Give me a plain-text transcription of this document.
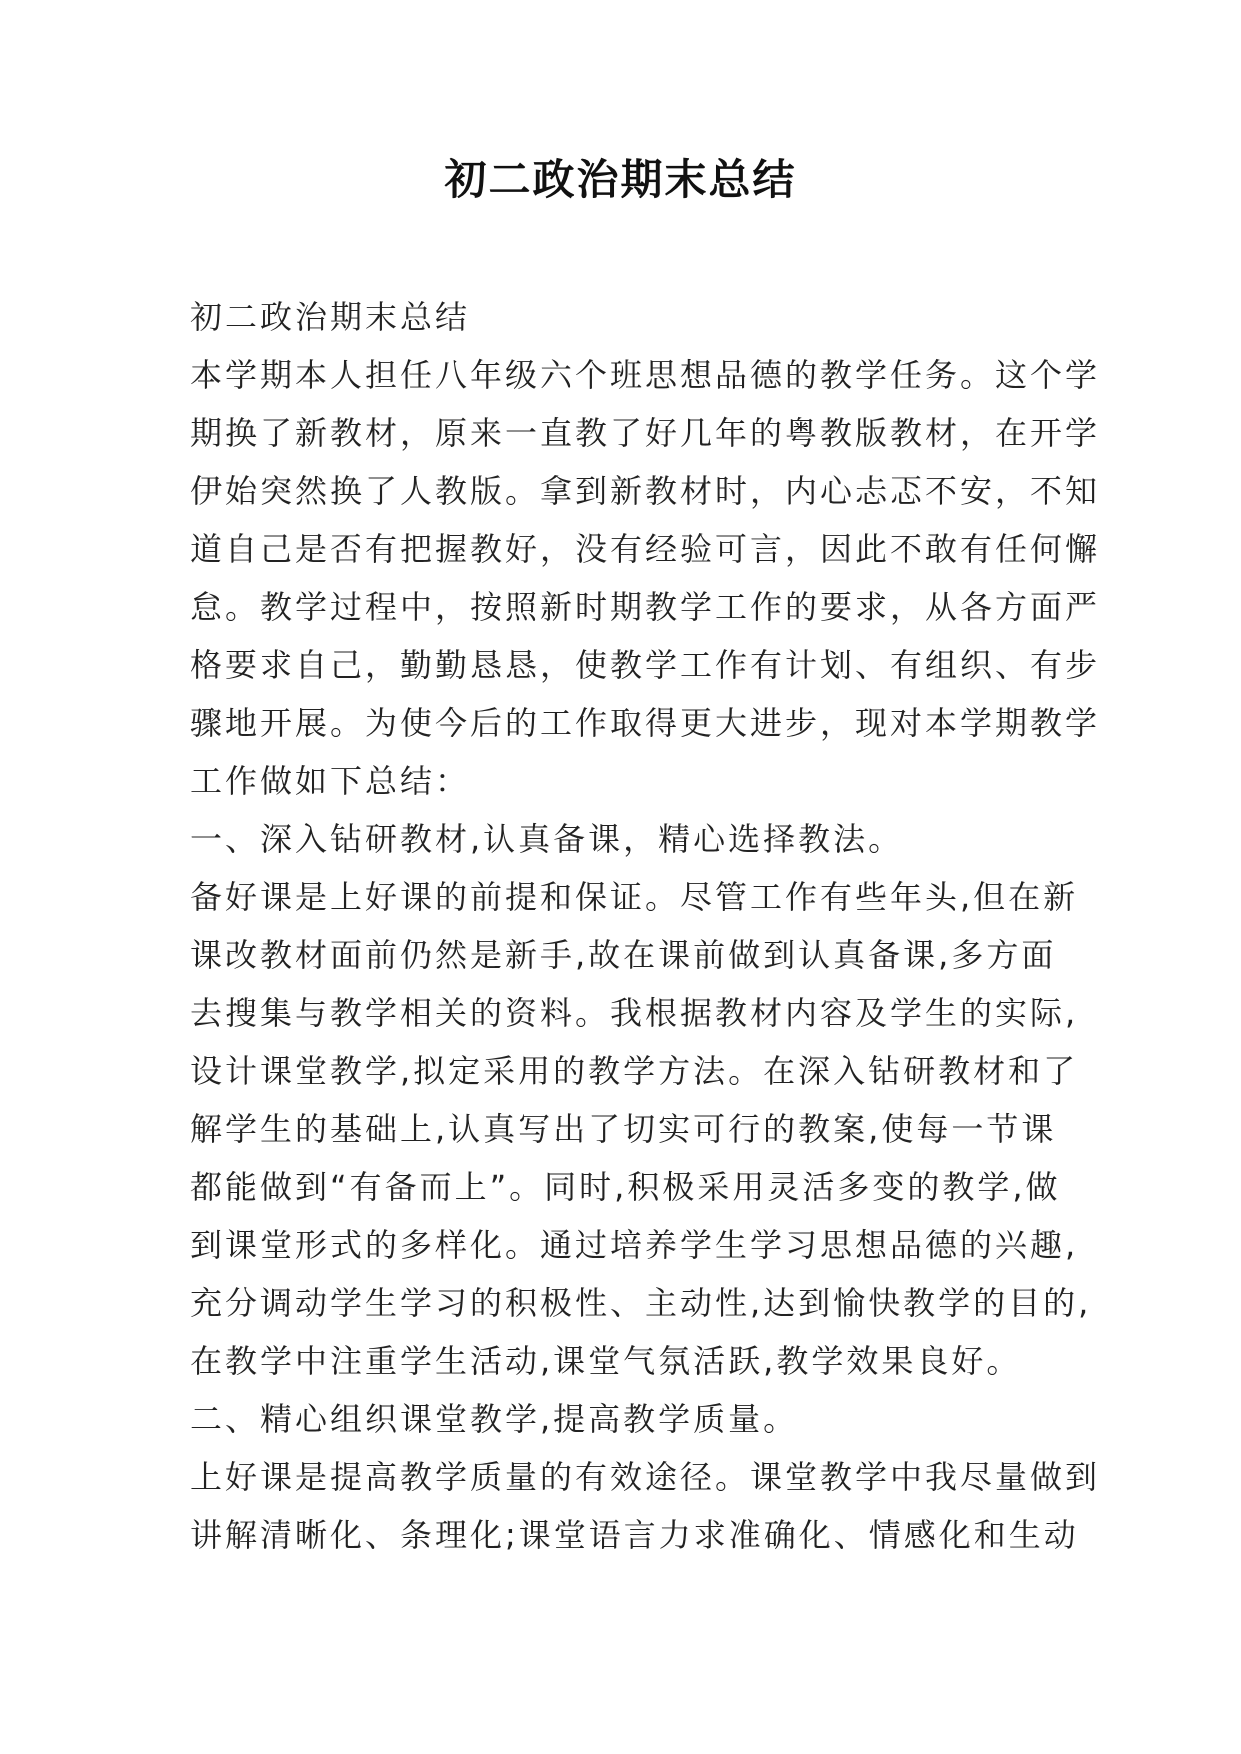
初二政治期末总结
初二政治期末总结
本学期本人担任八年级六个班思想品德的教学任务。这个学
期换了新教材，原来一直教了好几年的粤教版教材，在开学
伊始突然换了人教版。拿到新教材时，内心忐忑不安，不知
道自己是否有把握教好，没有经验可言，因此不敢有任何懈
怠。教学过程中，按照新时期教学工作的要求，从各方面严
格要求自己，勤勤恳恳，使教学工作有计划、有组织、有步
骤地开展。为使今后的工作取得更大进步，现对本学期教学
工作做如下总结：
一、深入钻研教材,认真备课，精心选择教法。
备好课是上好课的前提和保证。尽管工作有些年头,但在新
课改教材面前仍然是新手,故在课前做到认真备课,多方面
去搜集与教学相关的资料。我根据教材内容及学生的实际,
设计课堂教学,拟定采用的教学方法。在深入钻研教材和了
解学生的基础上,认真写出了切实可行的教案,使每一节课
都能做到“有备而上”。同时,积极采用灵活多变的教学,做
到课堂形式的多样化。通过培养学生学习思想品德的兴趣,
充分调动学生学习的积极性、主动性,达到愉快教学的目的,
在教学中注重学生活动,课堂气氛活跃,教学效果良好。
二、精心组织课堂教学,提高教学质量。
上好课是提高教学质量的有效途径。课堂教学中我尽量做到
讲解清晰化、条理化;课堂语言力求准确化、情感化和生动
